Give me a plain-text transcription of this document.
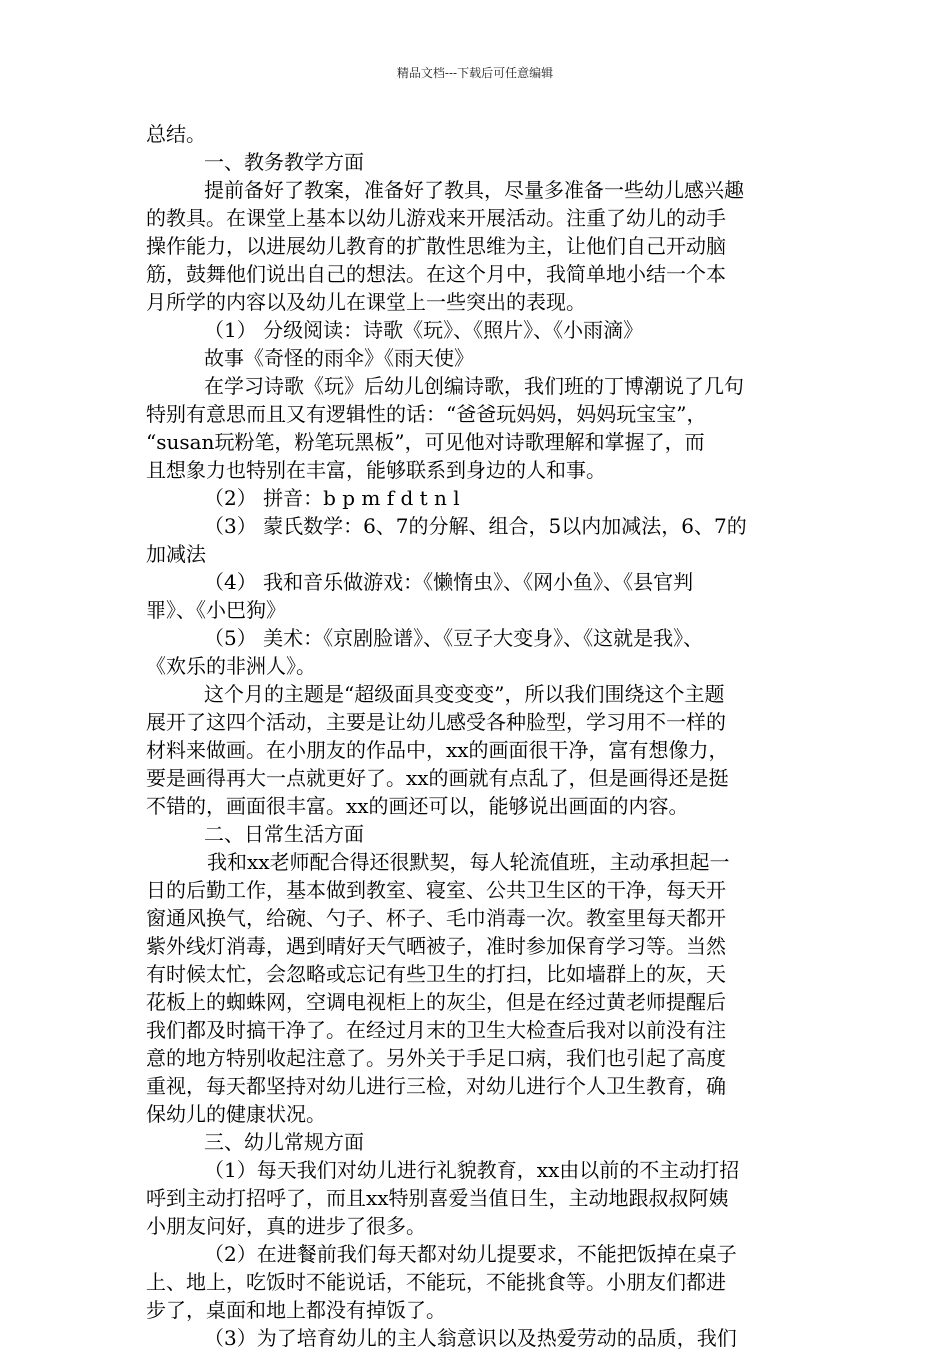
精品文档---下载后可任意编辑
总结。
一、教务教学方面
提前备好了教案，准备好了教具，尽量多准备一些幼儿感兴趣
的教具。在课堂上基本以幼儿游戏来开展活动。注重了幼儿的动手
操作能力，以进展幼儿教育的扩散性思维为主，让他们自己开动脑
筋，鼓舞他们说出自己的想法。在这个月中，我简单地小结一个本
月所学的内容以及幼儿在课堂上一些突出的表现。
（1） 分级阅读：诗歌《玩》、《照片》、《小雨滴》
故事《奇怪的雨伞》《雨天使》
在学习诗歌《玩》后幼儿创编诗歌，我们班的丁博潮说了几句
特别有意思而且又有逻辑性的话：“爸爸玩妈妈，妈妈玩宝宝”，
“susan玩粉笔，粉笔玩黑板”，可见他对诗歌理解和掌握了，而
且想象力也特别在丰富，能够联系到身边的人和事。
（2） 拼音：b p m f d t n l
（3） 蒙氏数学：6、7的分解、组合，5以内加减法，6、7的
加减法
（4） 我和音乐做游戏：《懒惰虫》、《网小鱼》、《县官判
罪》、《小巴狗》
（5） 美术：《京剧脸谱》、《豆子大变身》、《这就是我》、
《欢乐的非洲人》。
这个月的主题是“超级面具变变变”，所以我们围绕这个主题
展开了这四个活动，主要是让幼儿感受各种脸型，学习用不一样的
材料来做画。在小朋友的作品中，xx的画面很干净，富有想像力，
要是画得再大一点就更好了。xx的画就有点乱了，但是画得还是挺
不错的，画面很丰富。xx的画还可以，能够说出画面的内容。
二、日常生活方面
我和xx老师配合得还很默契，每人轮流值班，主动承担起一
日的后勤工作，基本做到教室、寝室、公共卫生区的干净，每天开
窗通风换气，给碗、勺子、杯子、毛巾消毒一次。教室里每天都开
紫外线灯消毒，遇到晴好天气晒被子，准时参加保育学习等。当然
有时候太忙，会忽略或忘记有些卫生的打扫，比如墙群上的灰，天
花板上的蜘蛛网，空调电视柜上的灰尘，但是在经过黄老师提醒后
我们都及时搞干净了。在经过月末的卫生大检查后我对以前没有注
意的地方特别收起注意了。另外关于手足口病，我们也引起了高度
重视，每天都坚持对幼儿进行三检，对幼儿进行个人卫生教育，确
保幼儿的健康状况。
三、幼儿常规方面
（1）每天我们对幼儿进行礼貌教育，xx由以前的不主动打招
呼到主动打招呼了，而且xx特别喜爱当值日生，主动地跟叔叔阿姨
小朋友问好，真的进步了很多。
（2）在进餐前我们每天都对幼儿提要求，不能把饭掉在桌子
上、地上，吃饭时不能说话，不能玩，不能挑食等。小朋友们都进
步了，桌面和地上都没有掉饭了。
（3）为了培育幼儿的主人翁意识以及热爱劳动的品质，我们
